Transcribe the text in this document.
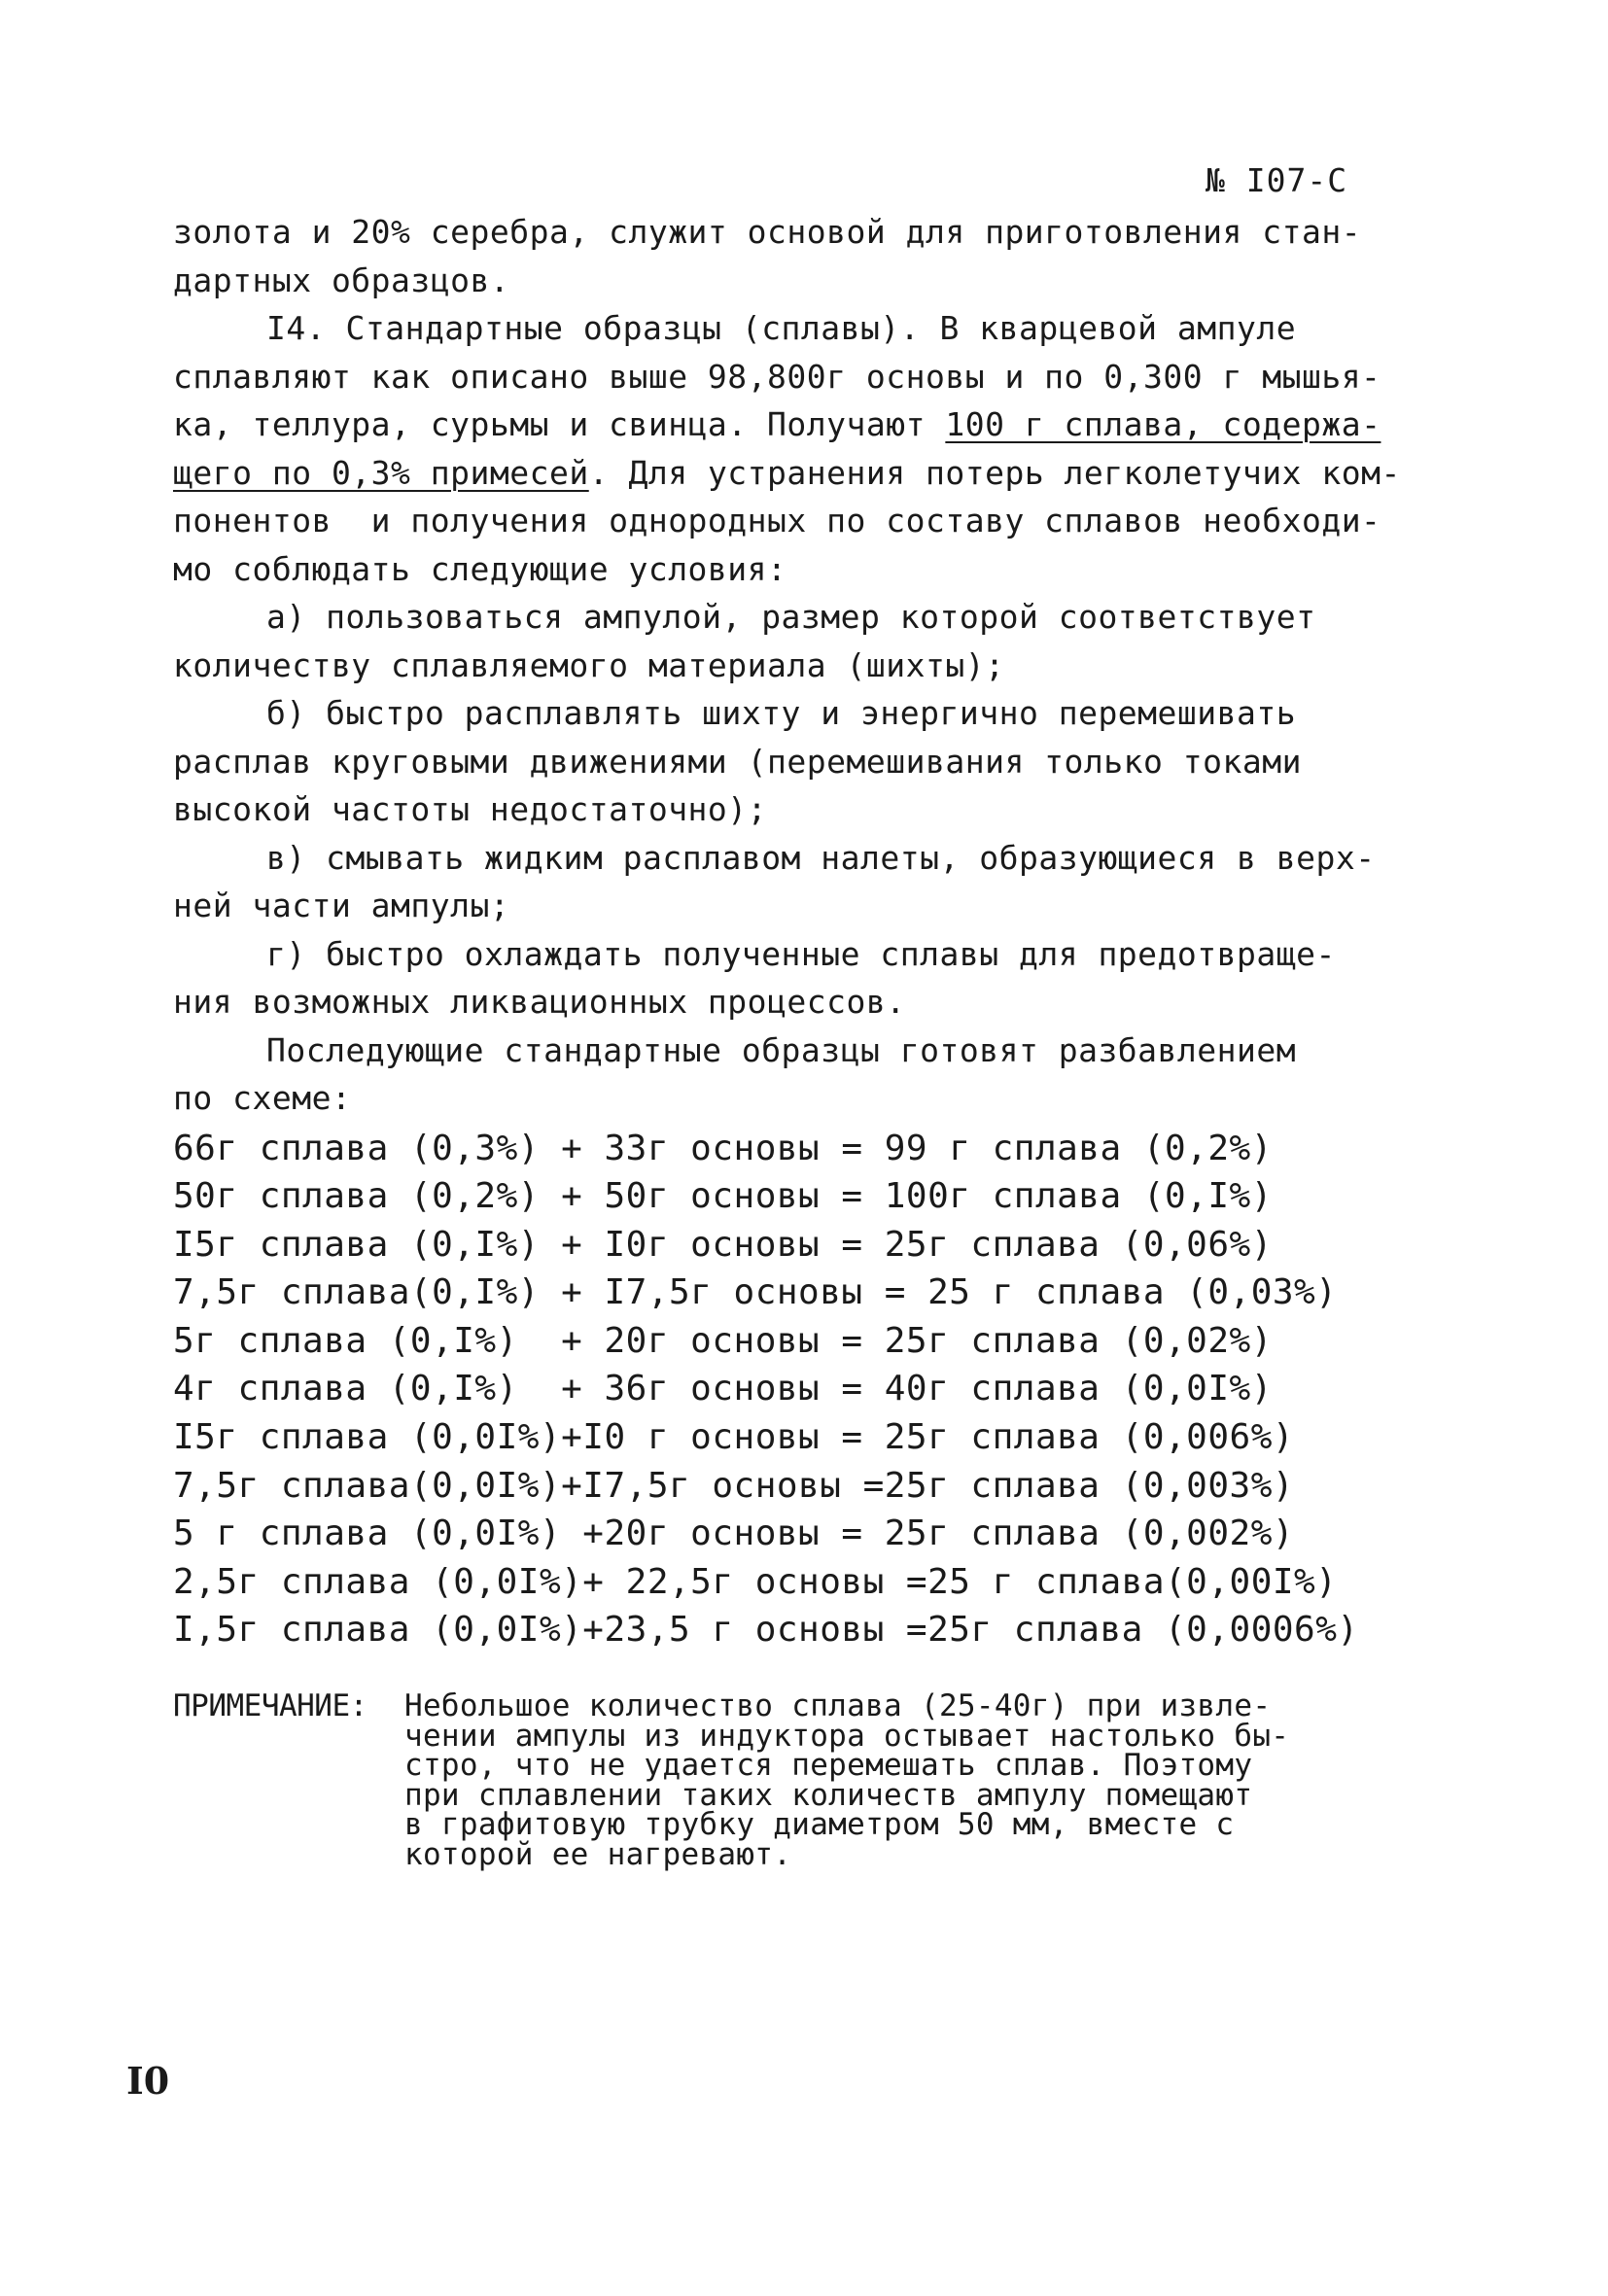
№ I07-C
золота и 20% серебра, служит основой для приготовления стан-
дартных образцов.
I4. Стандартные образцы (сплавы). В кварцевой ампуле
сплавляют как описано выше 98,800г основы и по 0,300 г мышья-
ка, теллура, сурьмы и свинца. Получают 100 г сплава, содержа-
щего по 0,3% примесей. Для устранения потерь легколетучих ком-
понентов  и получения однородных по составу сплавов необходи-
мо соблюдать следующие условия:
а) пользоваться ампулой, размер которой соответствует
количеству сплавляемого материала (шихты);
б) быстро расплавлять шихту и энергично перемешивать
расплав круговыми движениями (перемешивания только токами
высокой частоты недостаточно);
в) смывать жидким расплавом налеты, образующиеся в верх-
ней части ампулы;
г) быстро охлаждать полученные сплавы для предотвраще-
ния возможных ликвационных процессов.
Последующие стандартные образцы готовят разбавлением
по схеме:
66г сплава (0,3%) + 33г основы = 99 г сплава (0,2%)
50г сплава (0,2%) + 50г основы = 100г сплава (0,I%)
I5г сплава (0,I%) + I0г основы = 25г сплава (0,06%)
7,5г сплава(0,I%) + I7,5г основы = 25 г сплава (0,03%)
5г сплава (0,I%)  + 20г основы = 25г сплава (0,02%)
4г сплава (0,I%)  + 36г основы = 40г сплава (0,0I%)
I5г сплава (0,0I%)+I0 г основы = 25г сплава (0,006%)
7,5г сплава(0,0I%)+I7,5г основы =25г сплава (0,003%)
5 г сплава (0,0I%) +20г основы = 25г сплава (0,002%)
2,5г сплава (0,0I%)+ 22,5г основы =25 г сплава(0,00I%)
I,5г сплава (0,0I%)+23,5 г основы =25г сплава (0,0006%)
ПРИМЕЧАНИЕ:	Небольшое количество сплава (25-40г) при извле-
чении ампулы из индуктора остывает настолько бы-
стро, что не удается перемешать сплав. Поэтому
при сплавлении таких количеств ампулу помещают
в графитовую трубку диаметром 50 мм, вместе с
которой ее нагревают.
I0
